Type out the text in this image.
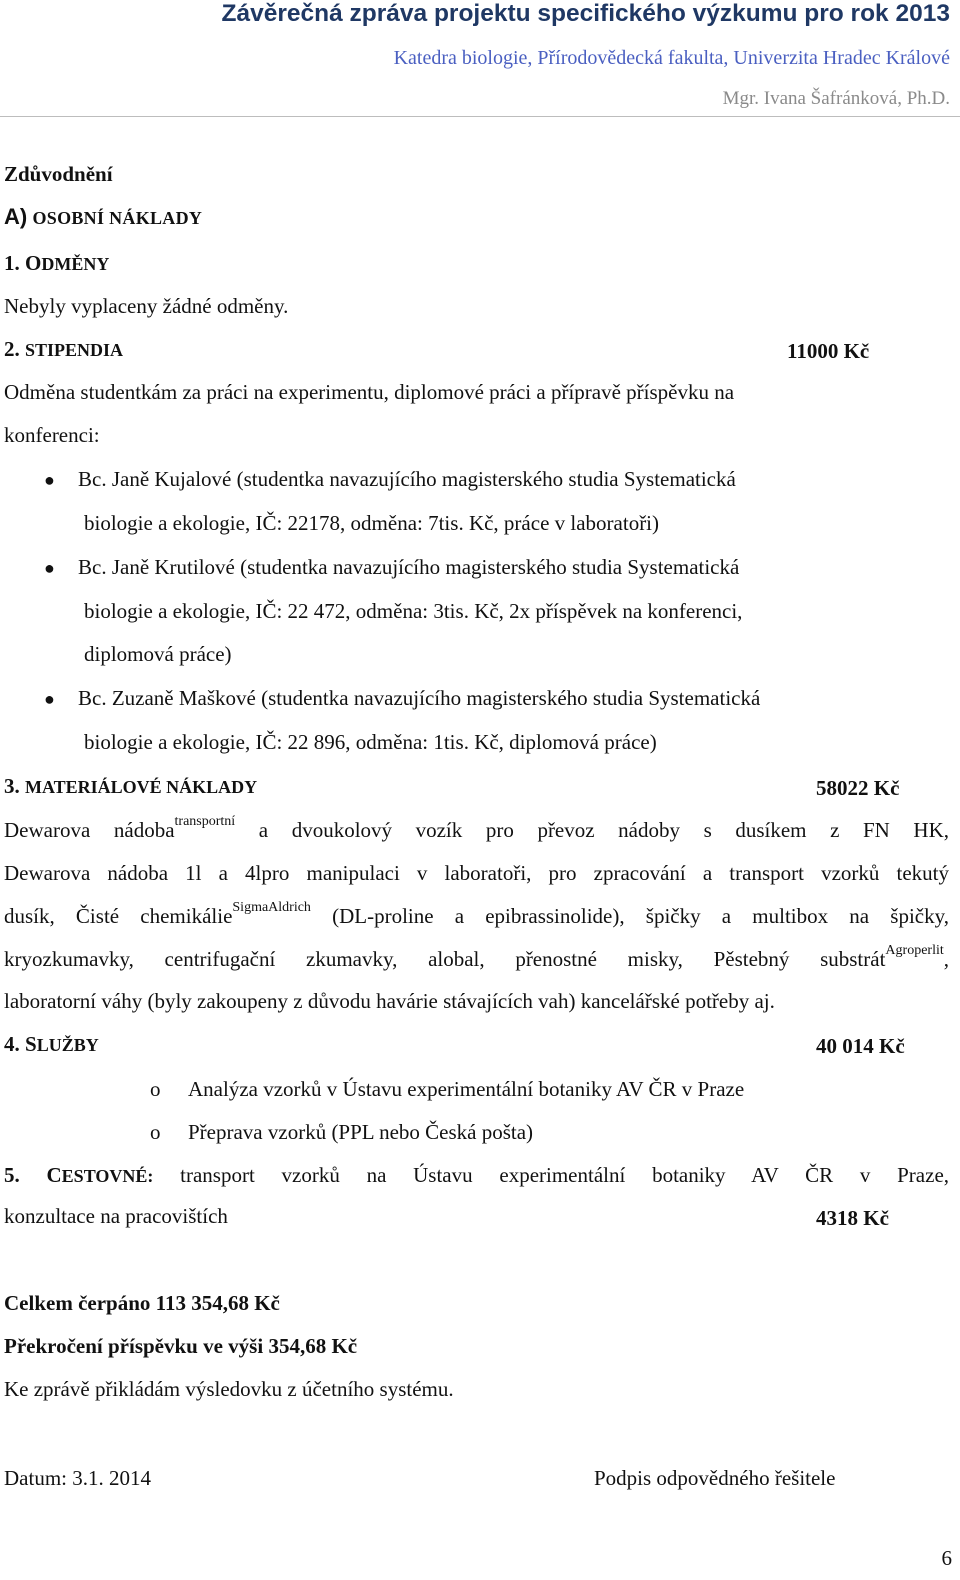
Závěrečná zpráva projektu specifického výzkumu pro rok 2013
Katedra biologie, Přírodovědecká fakulta, Univerzita Hradec Králové
Mgr. Ivana Šafránková, Ph.D.
Zdůvodnění
A) OSOBNÍ NÁKLADY
1. ODMĚNY
Nebyly vyplaceny žádné odměny.
2. STIPENDIA	11000 Kč
Odměna studentkám za práci na experimentu, diplomové práci a přípravě příspěvku na
konferenci:
● Bc. Janě Kujalové (studentka navazujícího magisterského studia Systematická
biologie a ekologie, IČ: 22178, odměna: 7tis. Kč, práce v laboratoři)
● Bc. Janě Krutilové (studentka navazujícího magisterského studia Systematická
biologie a ekologie, IČ: 22 472, odměna: 3tis. Kč, 2x příspěvek na konferenci,
diplomová práce)
● Bc. Zuzaně Maškové (studentka navazujícího magisterského studia Systematická
biologie a ekologie, IČ: 22 896, odměna: 1tis. Kč, diplomová práce)
3. MATERIÁLOVÉ NÁKLADY	58022 Kč
Dewarova nádoba$^{transportní}$ a dvoukolový vozík pro převoz nádoby s dusíkem z FN HK,
Dewarova nádoba 1l a 4lpro manipulaci v laboratoři, pro zpracování a transport vzorků tekutý
dusík, Čisté chemikálie$^{SigmaAldrich}$ (DL-proline a epibrassinolide), špičky a multibox na špičky,
kryozkumavky, centrifugační zkumavky, alobal, přenostné misky, Pěstebný substrát$^{Agroperlit}$,
laboratorní váhy (byly zakoupeny z důvodu havárie stávajících vah) kancelářské potřeby aj.
4. SLUŽBY	40 014 Kč
o Analýza vzorků v Ústavu experimentální botaniky AV ČR v Praze
o Přeprava vzorků (PPL nebo Česká pošta)
5. CESTOVNÉ: transport vzorků na Ústavu experimentální botaniky AV ČR v Praze,
konzultace na pracovištích	4318 Kč
Celkem čerpáno 113 354,68 Kč
Překročení příspěvku ve výši 354,68 Kč
Ke zprávě přikládám výsledovku z účetního systému.
Datum: 3.1. 2014	Podpis odpovědného řešitele
6
